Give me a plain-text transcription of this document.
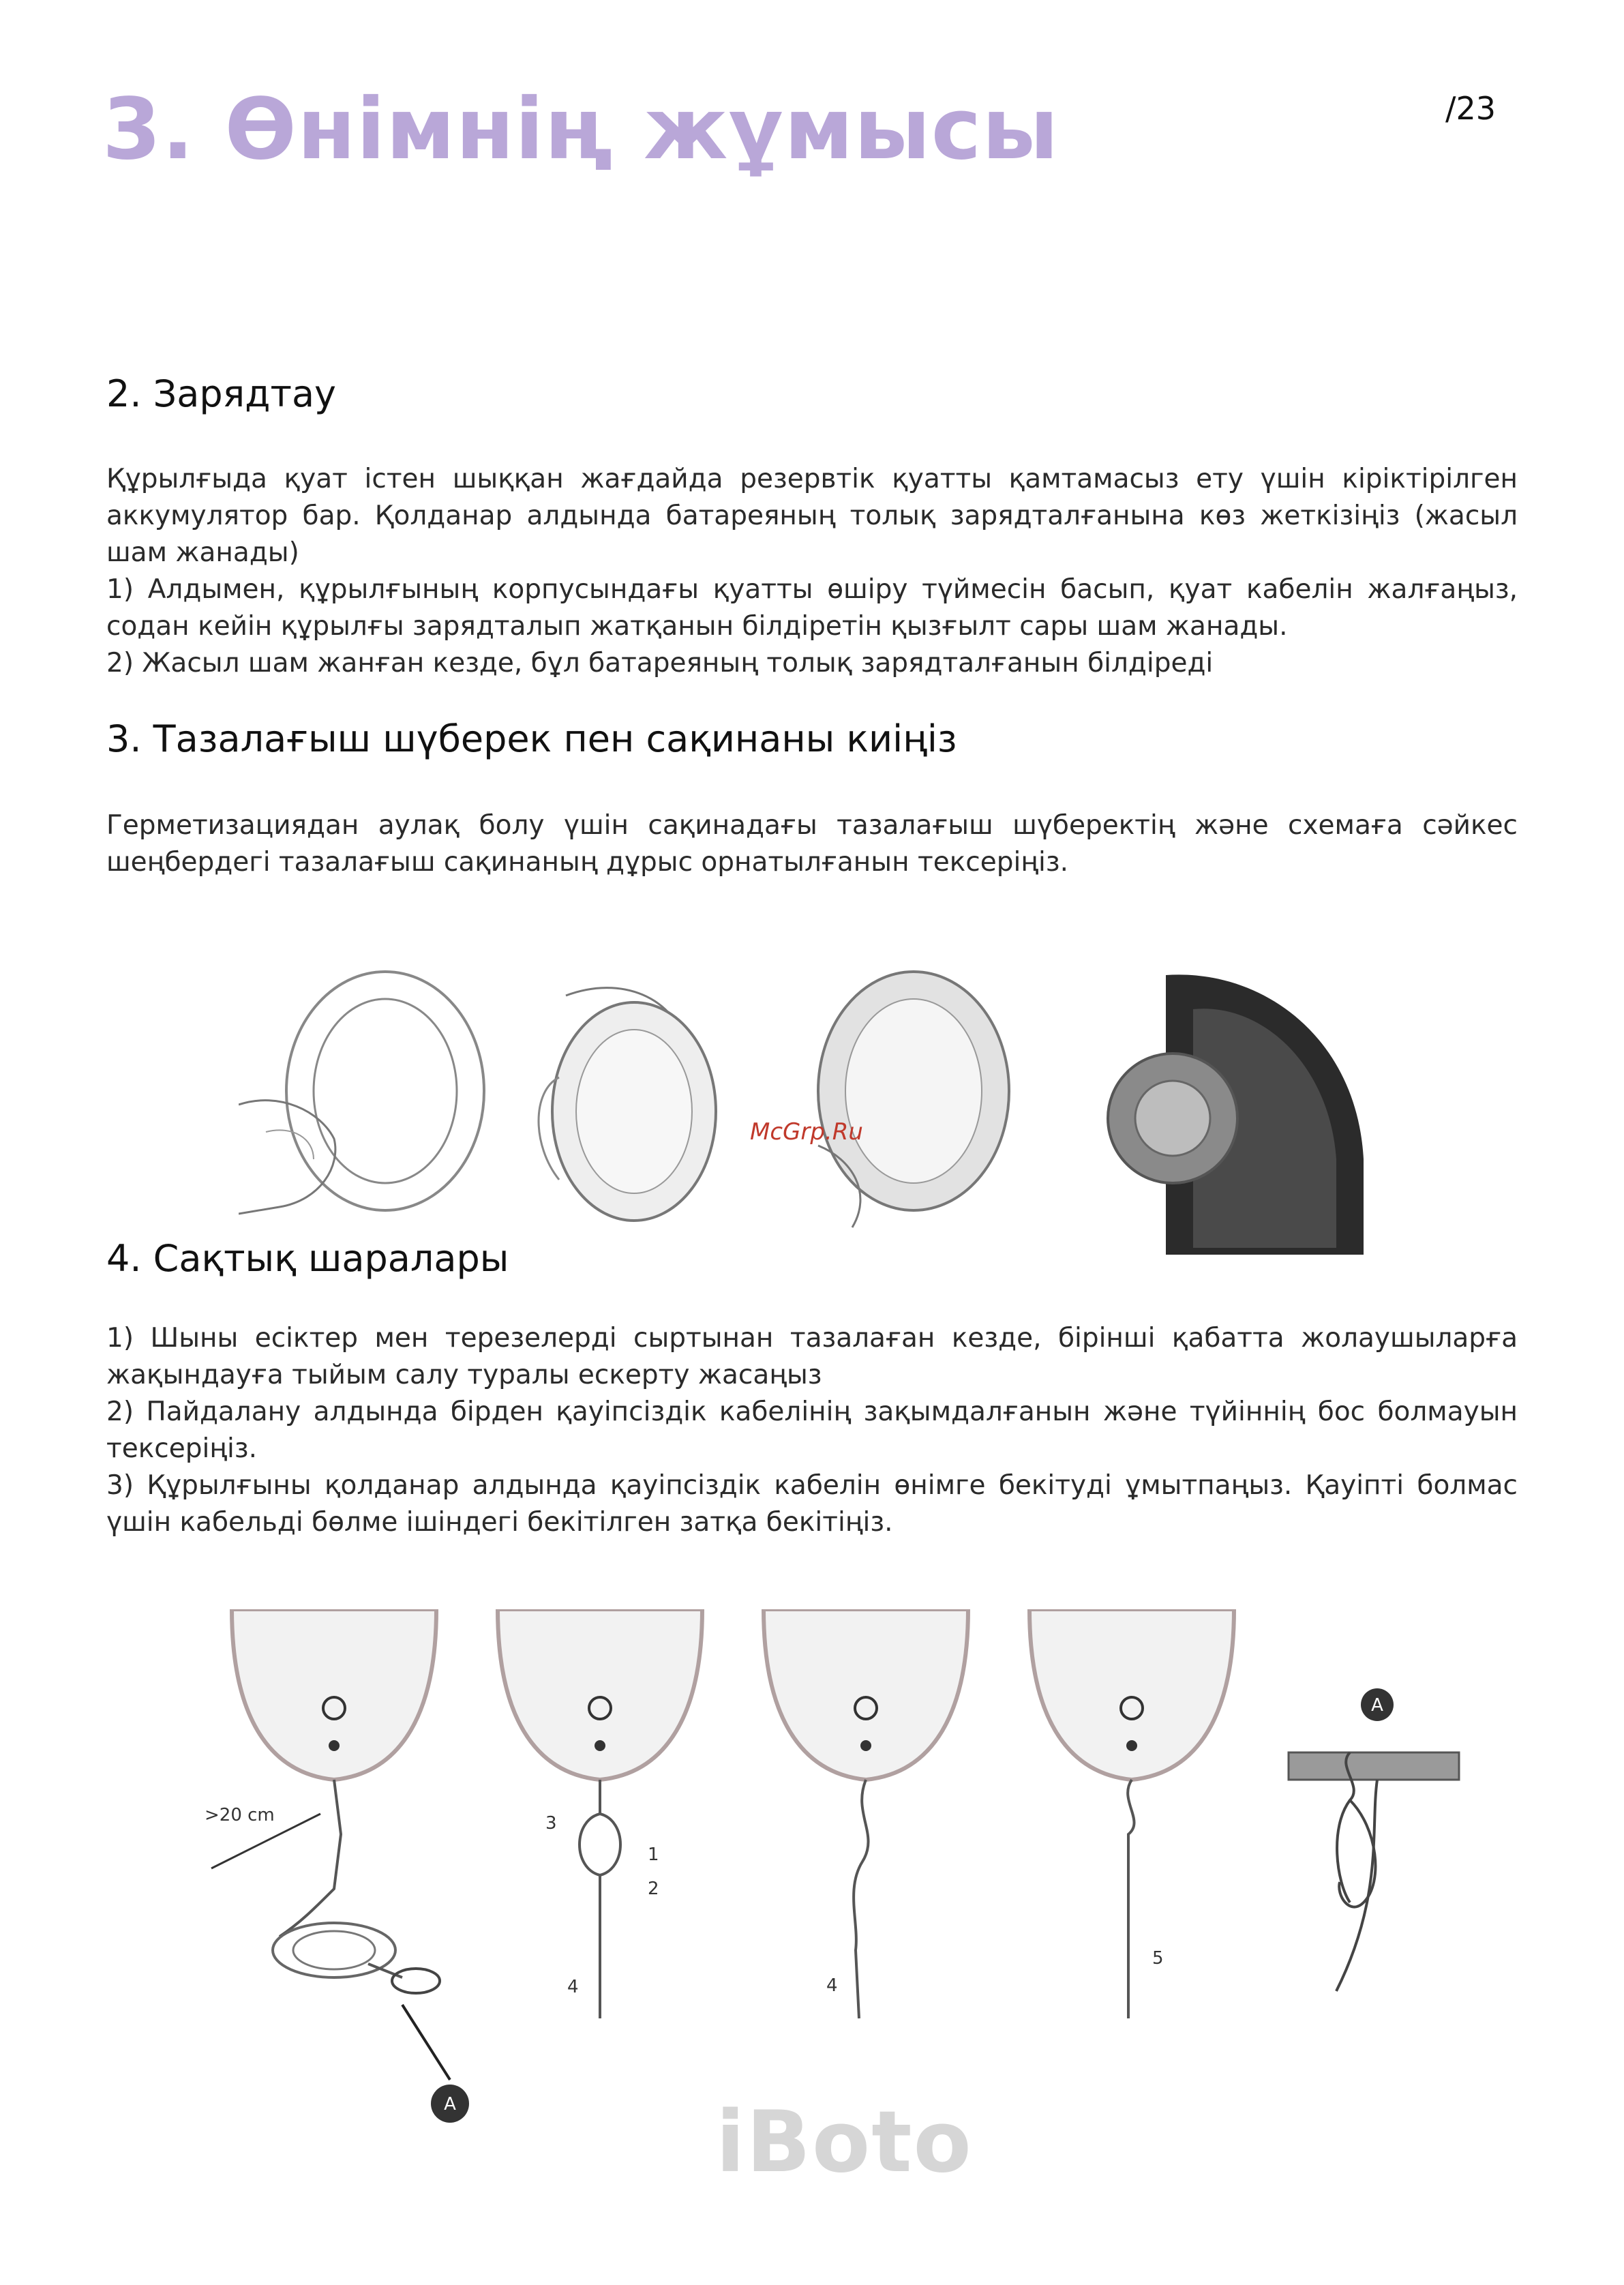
3. Өнімнің жұмысы	/23
2. Зарядтау

Құрылғыда қуат істен шыққан жағдайда резервтік қуатты қамтамасыз ету үшін кіріктірілген аккумулятор бар. Қолданар алдында батареяның толық зарядталғанына көз жеткізіңіз (жасыл шам жанады)

1) Алдымен, құрылғының корпусындағы қуатты өшіру түймесін басып, қуат кабелін жалғаңыз, содан кейін құрылғы зарядталып жатқанын білдіретін қызғылт сары шам жанады.

2) Жасыл шам жанған кезде, бұл батареяның толық зарядталғанын білдіреді

3. Тазалағыш шүберек пен сақинаны киіңіз

Герметизациядан аулақ болу үшін сақинадағы тазалағыш шүберектің және схемаға сәйкес шеңбердегі тазалағыш сақинаның дұрыс орнатылғанын тексеріңіз.

McGrp.Ru
4. Сақтық шаралары

1) Шыны есіктер мен терезелерді сыртынан тазалаған кезде, бірінші қабатта жолаушыларға жақындауға тыйым салу туралы ескерту жасаңыз

2) Пайдалану алдында бірден қауіпсіздік кабелінің зақымдалғанын және түйіннің бос болмауын тексеріңіз.

3) Құрылғыны қолданар алдында қауіпсіздік кабелін өнімге бекітуді ұмытпаңыз. Қауіпті болмас үшін кабельді бөлме ішіндегі бекітілген затқа бекітіңіз.

A
>20 cm	3
1
2
4	4
5
A
iBoto
